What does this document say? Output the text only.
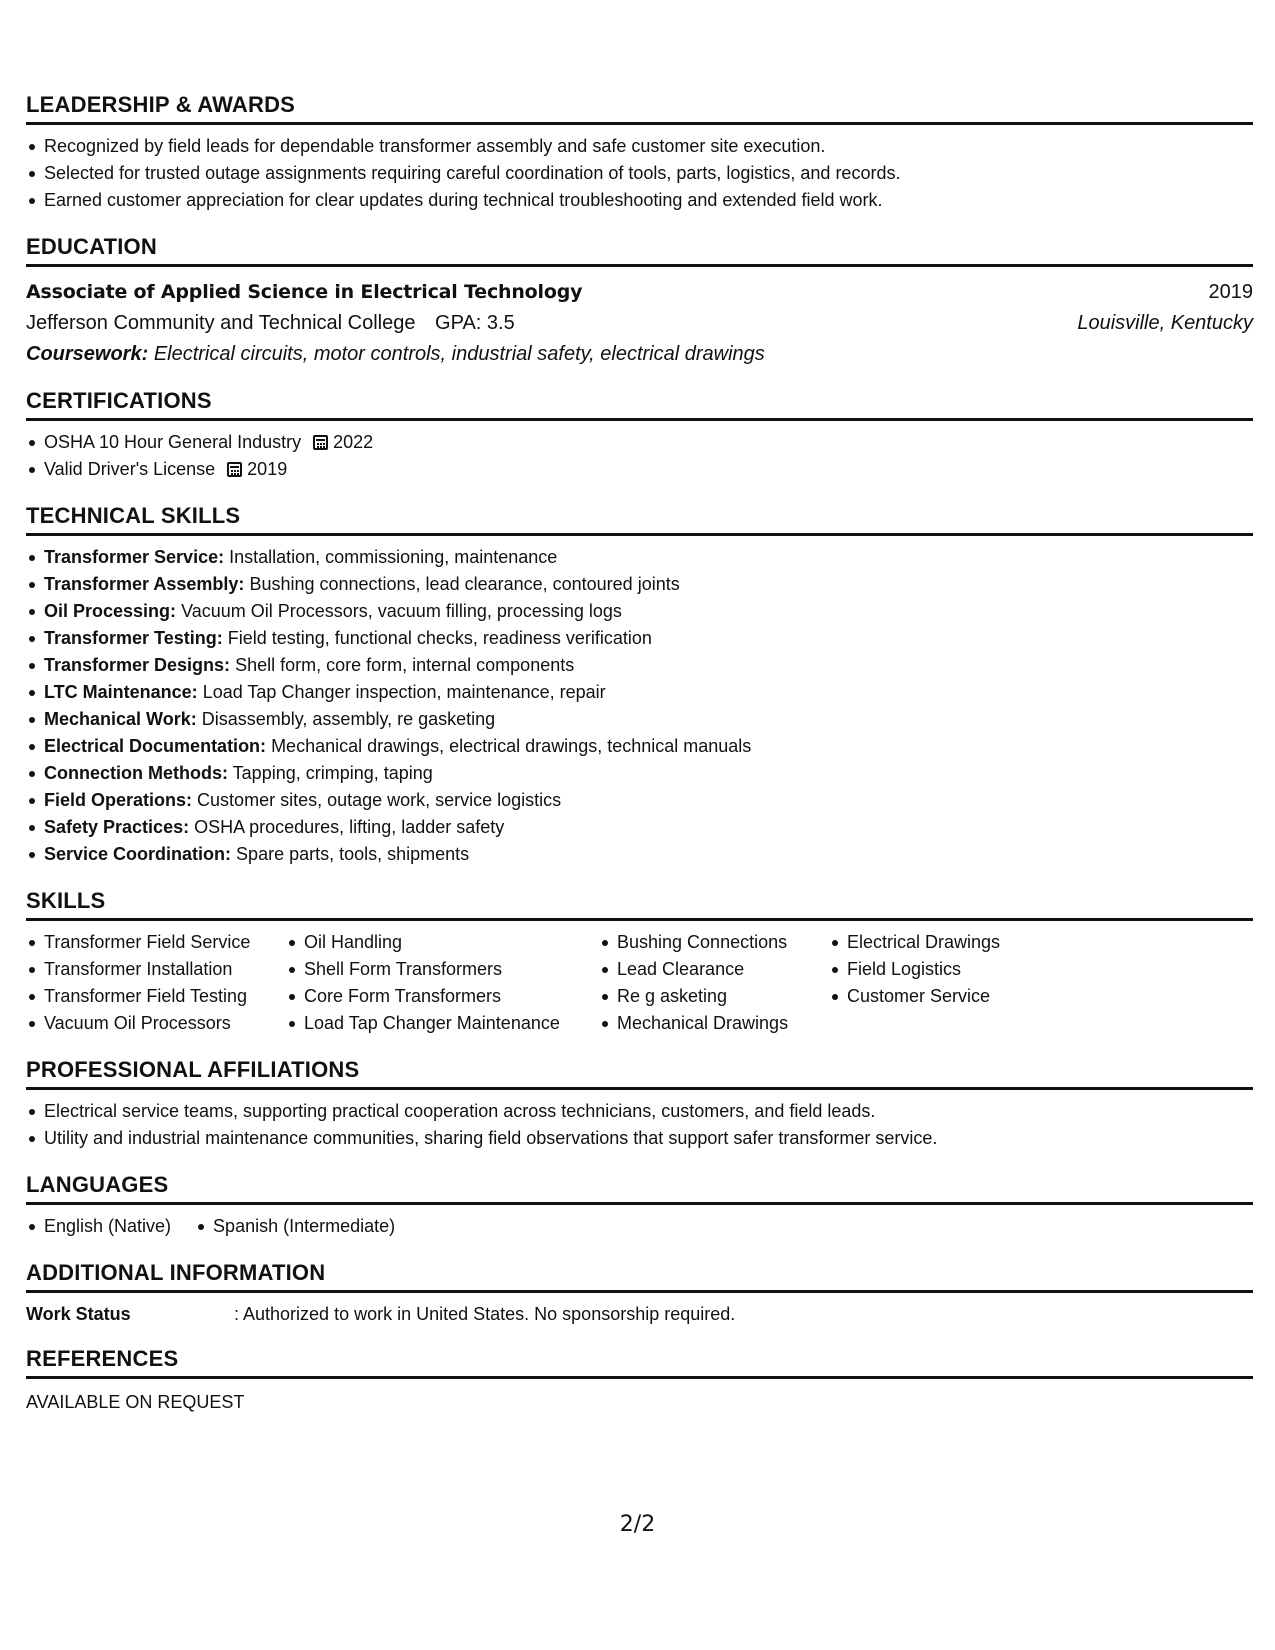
LEADERSHIP & AWARDS
Recognized by field leads for dependable transformer assembly and safe customer site execution.
Selected for trusted outage assignments requiring careful coordination of tools, parts, logistics, and records.
Earned customer appreciation for clear updates during technical troubleshooting and extended field work.
EDUCATION
Associate of Applied Science in Electrical Technology	2019
Jefferson Community and Technical College GPA: 3.5	Louisville, Kentucky
Coursework: Electrical circuits, motor controls, industrial safety, electrical drawings
CERTIFICATIONS
OSHA 10 Hour General Industry 2022
Valid Driver's License 2019
TECHNICAL SKILLS
Transformer Service: Installation, commissioning, maintenance
Transformer Assembly: Bushing connections, lead clearance, contoured joints
Oil Processing: Vacuum Oil Processors, vacuum filling, processing logs
Transformer Testing: Field testing, functional checks, readiness verification
Transformer Designs: Shell form, core form, internal components
LTC Maintenance: Load Tap Changer inspection, maintenance, repair
Mechanical Work: Disassembly, assembly, re gasketing
Electrical Documentation: Mechanical drawings, electrical drawings, technical manuals
Connection Methods: Tapping, crimping, taping
Field Operations: Customer sites, outage work, service logistics
Safety Practices: OSHA procedures, lifting, ladder safety
Service Coordination: Spare parts, tools, shipments
SKILLS
Transformer Field Service
Transformer Installation
Transformer Field Testing
Vacuum Oil Processors
Oil Handling
Shell Form Transformers
Core Form Transformers
Load Tap Changer Maintenance
Bushing Connections
Lead Clearance
Re g asketing
Mechanical Drawings
Electrical Drawings
Field Logistics
Customer Service
PROFESSIONAL AFFILIATIONS
Electrical service teams, supporting practical cooperation across technicians, customers, and field leads.
Utility and industrial maintenance communities, sharing field observations that support safer transformer service.
LANGUAGES
English (Native) Spanish (Intermediate)
ADDITIONAL INFORMATION
Work Status	: Authorized to work in United States. No sponsorship required.
REFERENCES
AVAILABLE ON REQUEST
2/2
